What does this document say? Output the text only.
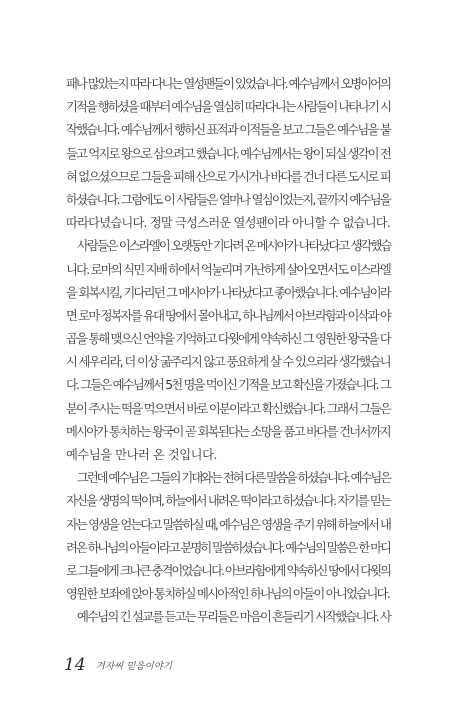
패나 많았는지 따라 다니는 열성팬들이 있었습니다. 예수님께서 오병이어의
기적을 행하셨을 때부터 예수님을 열심히 따라다니는 사람들이 나타나기 시
작했습니다. 예수님께서 행하신 표적과 이적들을 보고 그들은 예수님을 붙
들고 억지로 왕으로 삼으려고 했습니다. 예수님께서는 왕이 되실 생각이 전
혀 없으셨으므로 그들을 피해 산으로 가시거나 바다를 건너 다른 도시로 피
하셨습니다. 그럼에도 이 사람들은 얼마나 열심이었는지, 끝까지 예수님을
따라다녔습니다. 정말 극성스러운 열성팬이라 아니할 수 없습니다.
사람들은 이스라엘이 오랫동안 기다려 온 메시아가 나타났다고 생각했습
니다. 로마의 식민 지배 하에서 억눌리며 가난하게 살아오면서도 이스라엘
을 회복시킬, 기다리던 그 메시아가 나타났다고 좋아했습니다. 예수님이라
면 로마 정복자를 유대 땅에서 몰아내고, 하나님께서 아브라함과 이삭과 야
곱을 통해 맺으신 언약을 기억하고 다윗에게 약속하신 그 영원한 왕국을 다
시 세우리라, 더 이상 굶주리지 않고 풍요하게 살 수 있으리라 생각했습니
다. 그들은 예수님께서 5천 명을 먹이신 기적을 보고 확신을 가졌습니다. 그
분이 주시는 떡을 먹으면서 바로 이분이라고 확신했습니다. 그래서 그들은
메시아가 통치하는 왕국이 곧 회복된다는 소망을 품고 바다를 건너서까지
예수님을 만나러 온 것입니다.
그런데 예수님은 그들의 기대와는 전혀 다른 말씀을 하셨습니다. 예수님은
자신을 생명의 떡이며, 하늘에서 내려온 떡이라고 하셨습니다. 자기를 믿는
자는 영생을 얻는다고 말씀하실 때, 예수님은 영생을 주기 위해 하늘에서 내
려온 하나님의 아들이라고 분명히 말씀하셨습니다. 예수님의 말씀은 한 마디
로 그들에게 크나큰 충격이었습니다. 아브라함에게 약속하신 땅에서 다윗의
영원한 보좌에 앉아 통치하실 메시아적인 하나님의 아들이 아니었습니다.
예수님의 긴 설교를 듣고는 무리들은 마음이 흔들리기 시작했습니다. 사
14 겨자씨 믿음이야기
